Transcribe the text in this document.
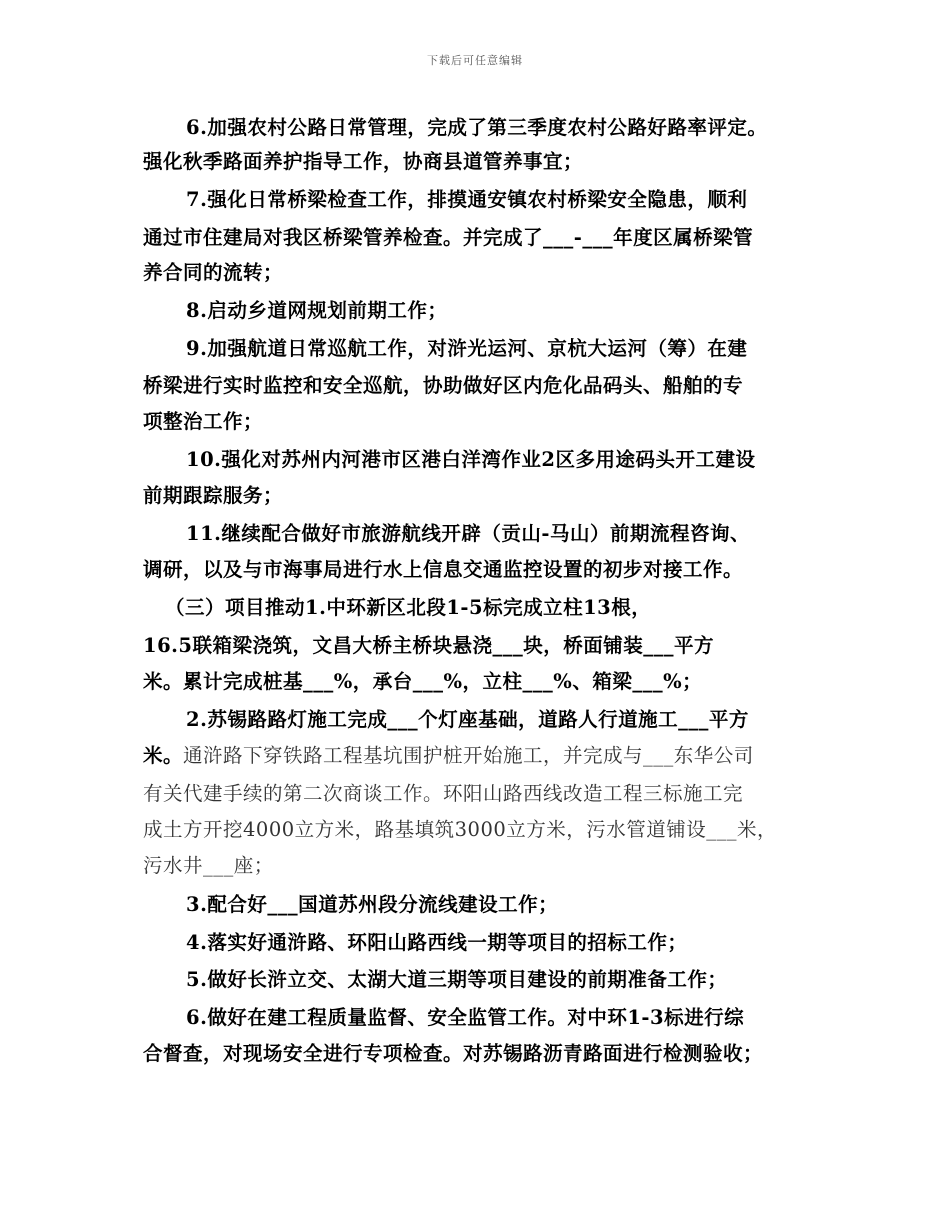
下载后可任意编辑
6.加强农村公路日常管理，完成了第三季度农村公路好路率评定。
强化秋季路面养护指导工作，协商县道管养事宜；
7.强化日常桥梁检查工作，排摸通安镇农村桥梁安全隐患，顺利
通过市住建局对我区桥梁管养检查。并完成了___-___年度区属桥梁管
养合同的流转；
8.启动乡道网规划前期工作；
9.加强航道日常巡航工作，对浒光运河、京杭大运河（筹）在建
桥梁进行实时监控和安全巡航，协助做好区内危化品码头、船舶的专
项整治工作；
10.强化对苏州内河港市区港白洋湾作业2区多用途码头开工建设
前期跟踪服务；
11.继续配合做好市旅游航线开辟（贡山-马山）前期流程咨询、
调研，以及与市海事局进行水上信息交通监控设置的初步对接工作。
（三）项目推动1.中环新区北段1-5标完成立柱13根，
16.5联箱梁浇筑，文昌大桥主桥块悬浇___块，桥面铺装___平方
米。累计完成桩基___%，承台___%，立柱___%、箱梁___%；
2.苏锡路路灯施工完成___个灯座基础，道路人行道施工___平方
米。 通浒路下穿铁路工程基坑围护桩开始施工，并完成与___东华公司
有关代建手续的第二次商谈工作。环阳山路西线改造工程三标施工完
成土方开挖4000立方米，路基填筑3000立方米，污水管道铺设___米，
污水井___座；
3.配合好___国道苏州段分流线建设工作；
4.落实好通浒路、环阳山路西线一期等项目的招标工作；
5.做好长浒立交、太湖大道三期等项目建设的前期准备工作；
6.做好在建工程质量监督、安全监管工作。对中环1-3标进行综
合督查，对现场安全进行专项检查。对苏锡路沥青路面进行检测验收；
